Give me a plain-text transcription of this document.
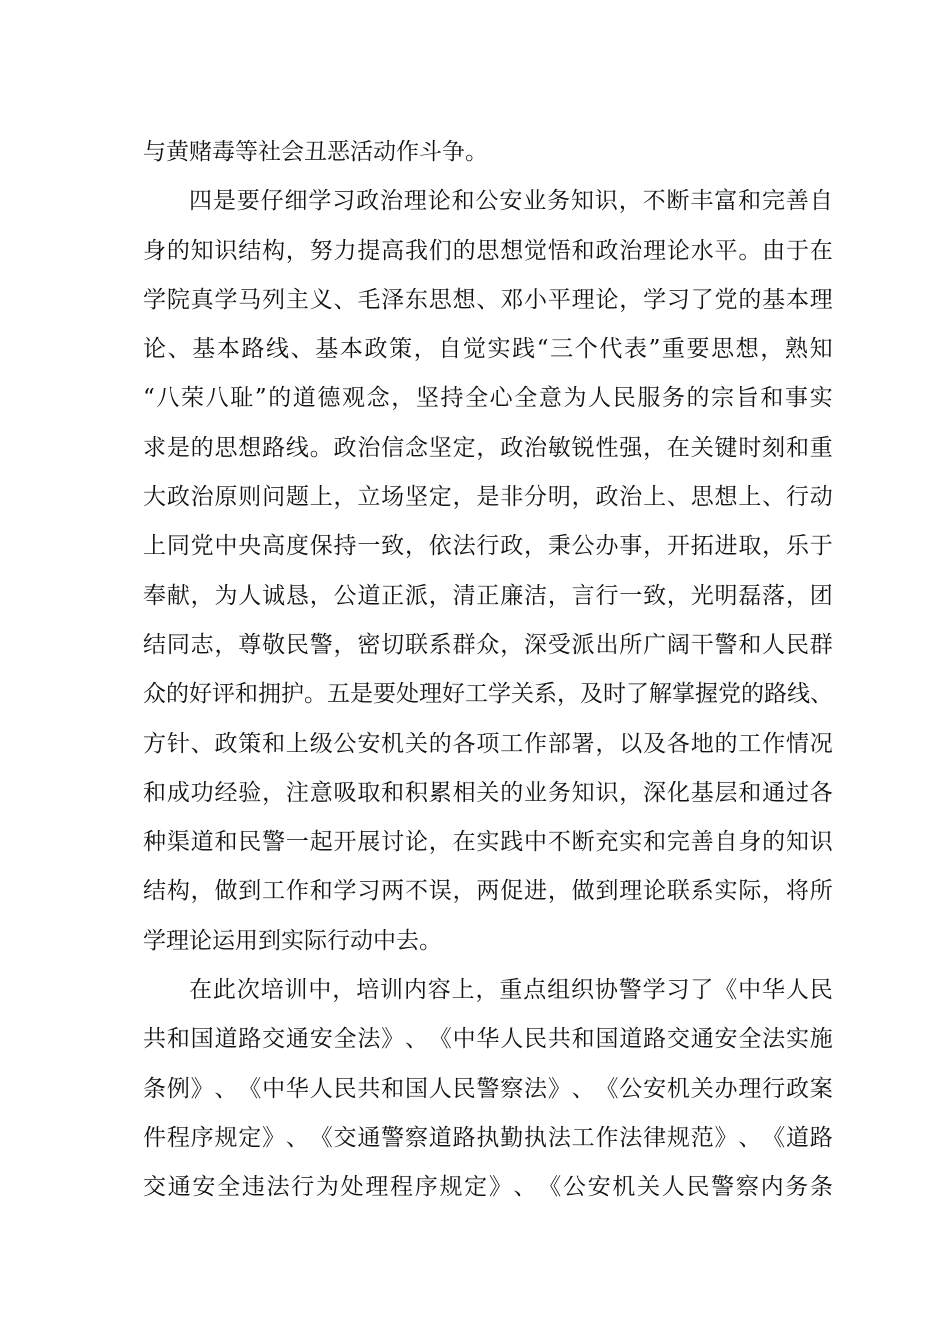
与黄赌毒等社会丑恶活动作斗争。
四 是 要 仔 细 学 习 政 治 理 论 和 公 安 业 务 知 识 ， 不 断 丰 富 和 完 善 自
身 的 知 识 结 构 ， 努 力 提 高 我 们 的 思 想 觉 悟 和 政 治 理 论 水 平 。 由 于 在
学 院 真 学 马 列 主 义 、 毛 泽 东 思 想 、 邓 小 平 理 论 ， 学 习 了 党 的 基 本 理
论 、 基 本 路 线 、 基 本 政 策 ， 自 觉 实 践 “ 三 个 代 表 ” 重 要 思 想 ， 熟 知
“ 八 荣 八 耻 ” 的 道 德 观 念 ， 坚 持 全 心 全 意 为 人 民 服 务 的 宗 旨 和 事 实
求 是 的 思 想 路 线 。 政 治 信 念 坚 定 ， 政 治 敏 锐 性 强 ， 在 关 键 时 刻 和 重
大 政 治 原 则 问 题 上 ， 立 场 坚 定 ， 是 非 分 明 ， 政 治 上 、 思 想 上 、 行 动
上 同 党 中 央 高 度 保 持 一 致 ， 依 法 行 政 ， 秉 公 办 事 ， 开 拓 进 取 ， 乐 于
奉 献 ， 为 人 诚 恳 ， 公 道 正 派 ， 清 正 廉 洁 ， 言 行 一 致 ， 光 明 磊 落 ， 团
结 同 志 ， 尊 敬 民 警 ， 密 切 联 系 群 众 ， 深 受 派 出 所 广 阔 干 警 和 人 民 群
众 的 好 评 和 拥 护 。 五 是 要 处 理 好 工 学 关 系 ， 及 时 了 解 掌 握 党 的 路 线 、
方 针 、 政 策 和 上 级 公 安 机 关 的 各 项 工 作 部 署 ， 以 及 各 地 的 工 作 情 况
和 成 功 经 验 ， 注 意 吸 取 和 积 累 相 关 的 业 务 知 识 ， 深 化 基 层 和 通 过 各
种 渠 道 和 民 警 一 起 开 展 讨 论 ， 在 实 践 中 不 断 充 实 和 完 善 自 身 的 知 识
结 构 ， 做 到 工 作 和 学 习 两 不 误 ， 两 促 进 ， 做 到 理 论 联 系 实 际 ， 将 所
学理论运用到实际行动中去。
在 此 次 培 训 中 ， 培 训 内 容 上 ， 重 点 组 织 协 警 学 习 了 《 中 华 人 民
共 和 国 道 路 交 通 安 全 法 》 、 《 中 华 人 民 共 和 国 道 路 交 通 安 全 法 实 施
条 例 》 、 《 中 华 人 民 共 和 国 人 民 警 察 法 》 、 《 公 安 机 关 办 理 行 政 案
件 程 序 规 定 》 、 《 交 通 警 察 道 路 执 勤 执 法 工 作 法 律 规 范 》 、 《 道 路
交 通 安 全 违 法 行 为 处 理 程 序 规 定 》 、 《 公 安 机 关 人 民 警 察 内 务 条
